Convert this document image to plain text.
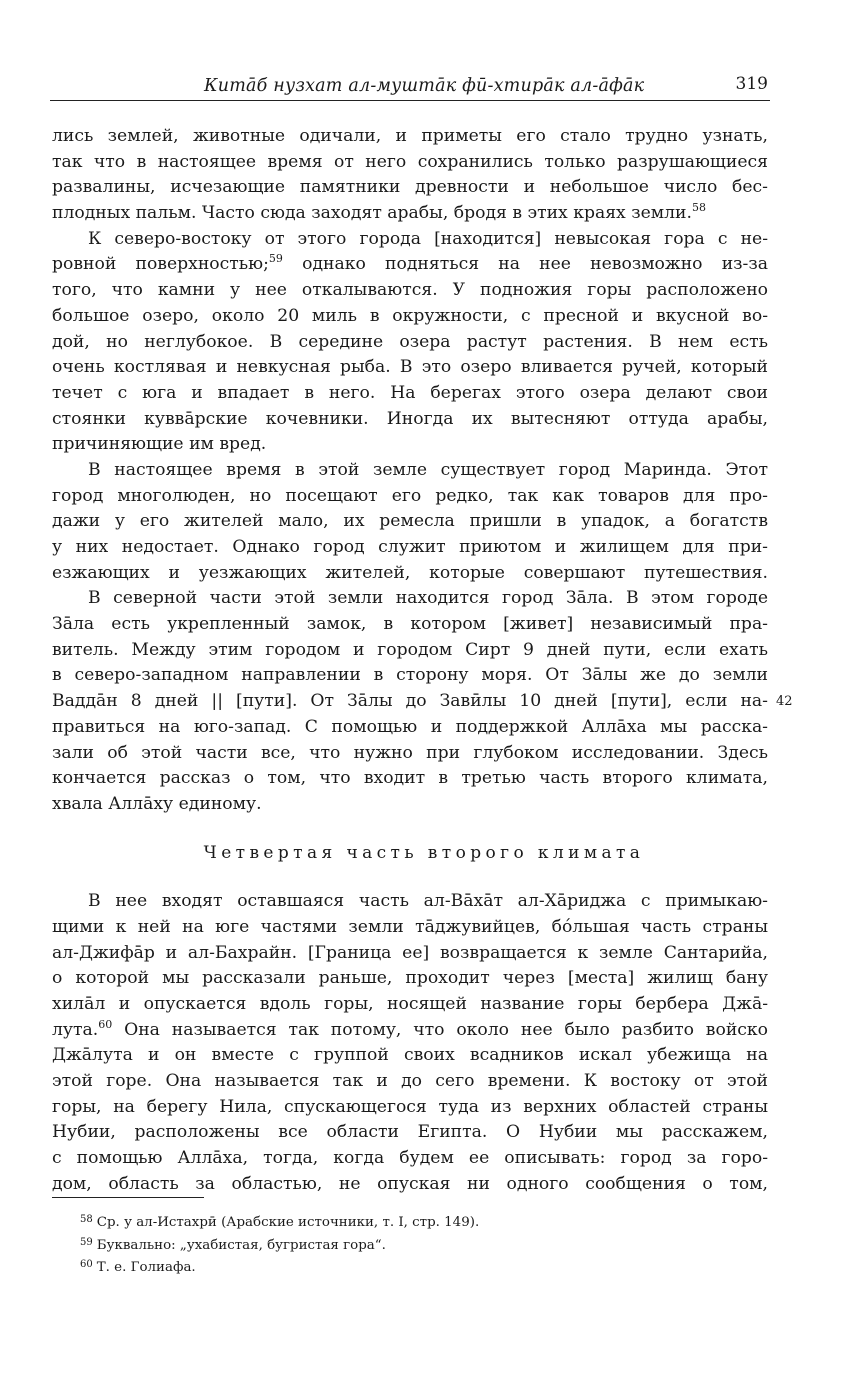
Китāб нузхат ал-муштāк фӣ-хтирāк ал-āфāк	319
лись землей, животные одичали, и приметы его стало трудно узнать,
так что в настоящее время от него сохранились только разрушающиеся
развалины, исчезающие памятники древности и небольшое число бес-
плодных пальм. Часто сюда заходят арабы, бродя в этих краях земли.$^{58}$
К северо-востоку от этого города [находится] невысокая гора с не-
ровной поверхностью;$^{59}$ однако подняться на нее невозможно из-за
того, что камни у нее откалываются. У подножия горы расположено
большое озеро, около 20 миль в окружности, с пресной и вкусной во-
дой, но неглубокое. В середине озера растут растения. В нем есть
очень костлявая и невкусная рыба. В это озеро вливается ручей, который
течет с юга и впадает в него. На берегах этого озера делают свои
стоянки куввāрские кочевники. Иногда их вытесняют оттуда арабы,
причиняющие им вред.
В настоящее время в этой земле существует город Маринда. Этот
город многолюден, но посещают его редко, так как товаров для про-
дажи у его жителей мало, их ремесла пришли в упадок, а богатств
у них недостает. Однако город служит приютом и жилищем для при-
езжающих и уезжающих жителей, которые совершают путешествия.
В северной части этой земли находится город Зāла. В этом городе
Зāла есть укрепленный замок, в котором [живет] независимый пра-
витель. Между этим городом и городом Сирт 9 дней пути, если ехать
в северо-западном направлении в сторону моря. От Зāлы же до земли
Ваддāн 8 дней || [пути]. От Зāлы до Завӣлы 10 дней [пути], если на-
правиться на юго-запад. С помощью и поддержкой Аллāха мы расска-
зали об этой части все, что нужно при глубоком исследовании. Здесь
кончается рассказ о том, что входит в третью часть второго климата,
хвала Аллāху единому.
Четвертая часть второго климата
В нее входят оставшаяся часть ал-Вāхāт ал-Хāриджа с примыкаю-
щими к ней на юге частями земли тāджувийцев, бóльшая часть страны
ал-Джифāр и ал-Бахрайн. [Граница ее] возвращается к земле Сантарийа,
о которой мы рассказали раньше, проходит через [места] жилищ бану
хилāл и опускается вдоль горы, носящей название горы бербера Джā-
лута.$^{60}$ Она называется так потому, что около нее было разбито войско
Джāлута и он вместе с группой своих всадников искал убежища на
этой горе. Она называется так и до сего времени. К востоку от этой
горы, на берегу Нила, спускающегося туда из верхних областей страны
Нубии, расположены все области Египта. О Нубии мы расскажем,
с помощью Аллāха, тогда, когда будем ее описывать: город за горо-
дом, область за областью, не опуская ни одного сообщения о том,
42
$^{58}$ Ср. у ал-Истахрӣ (Арабские источники, т. I, стр. 149).
$^{59}$ Буквально: „ухабистая, бугристая гора“.
$^{60}$ Т. е. Голиафа.
